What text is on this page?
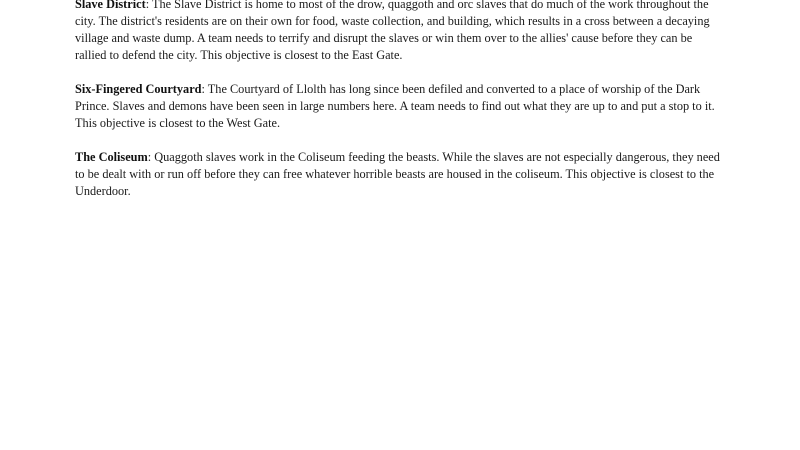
Slave District: The Slave District is home to most of the drow, quaggoth and orc slaves that do much of the work throughout the city. The district's residents are on their own for food, waste collection, and building, which results in a cross between a decaying village and waste dump. A team needs to terrify and disrupt the slaves or win them over to the allies' cause before they can be rallied to defend the city. This objective is closest to the East Gate.

Six-Fingered Courtyard: The Courtyard of Llolth has long since been defiled and converted to a place of worship of the Dark Prince. Slaves and demons have been seen in large numbers here. A team needs to find out what they are up to and put a stop to it. This objective is closest to the West Gate.

The Coliseum: Quaggoth slaves work in the Coliseum feeding the beasts. While the slaves are not especially dangerous, they need to be dealt with or run off before they can free whatever horrible beasts are housed in the coliseum. This objective is closest to the Underdoor.
